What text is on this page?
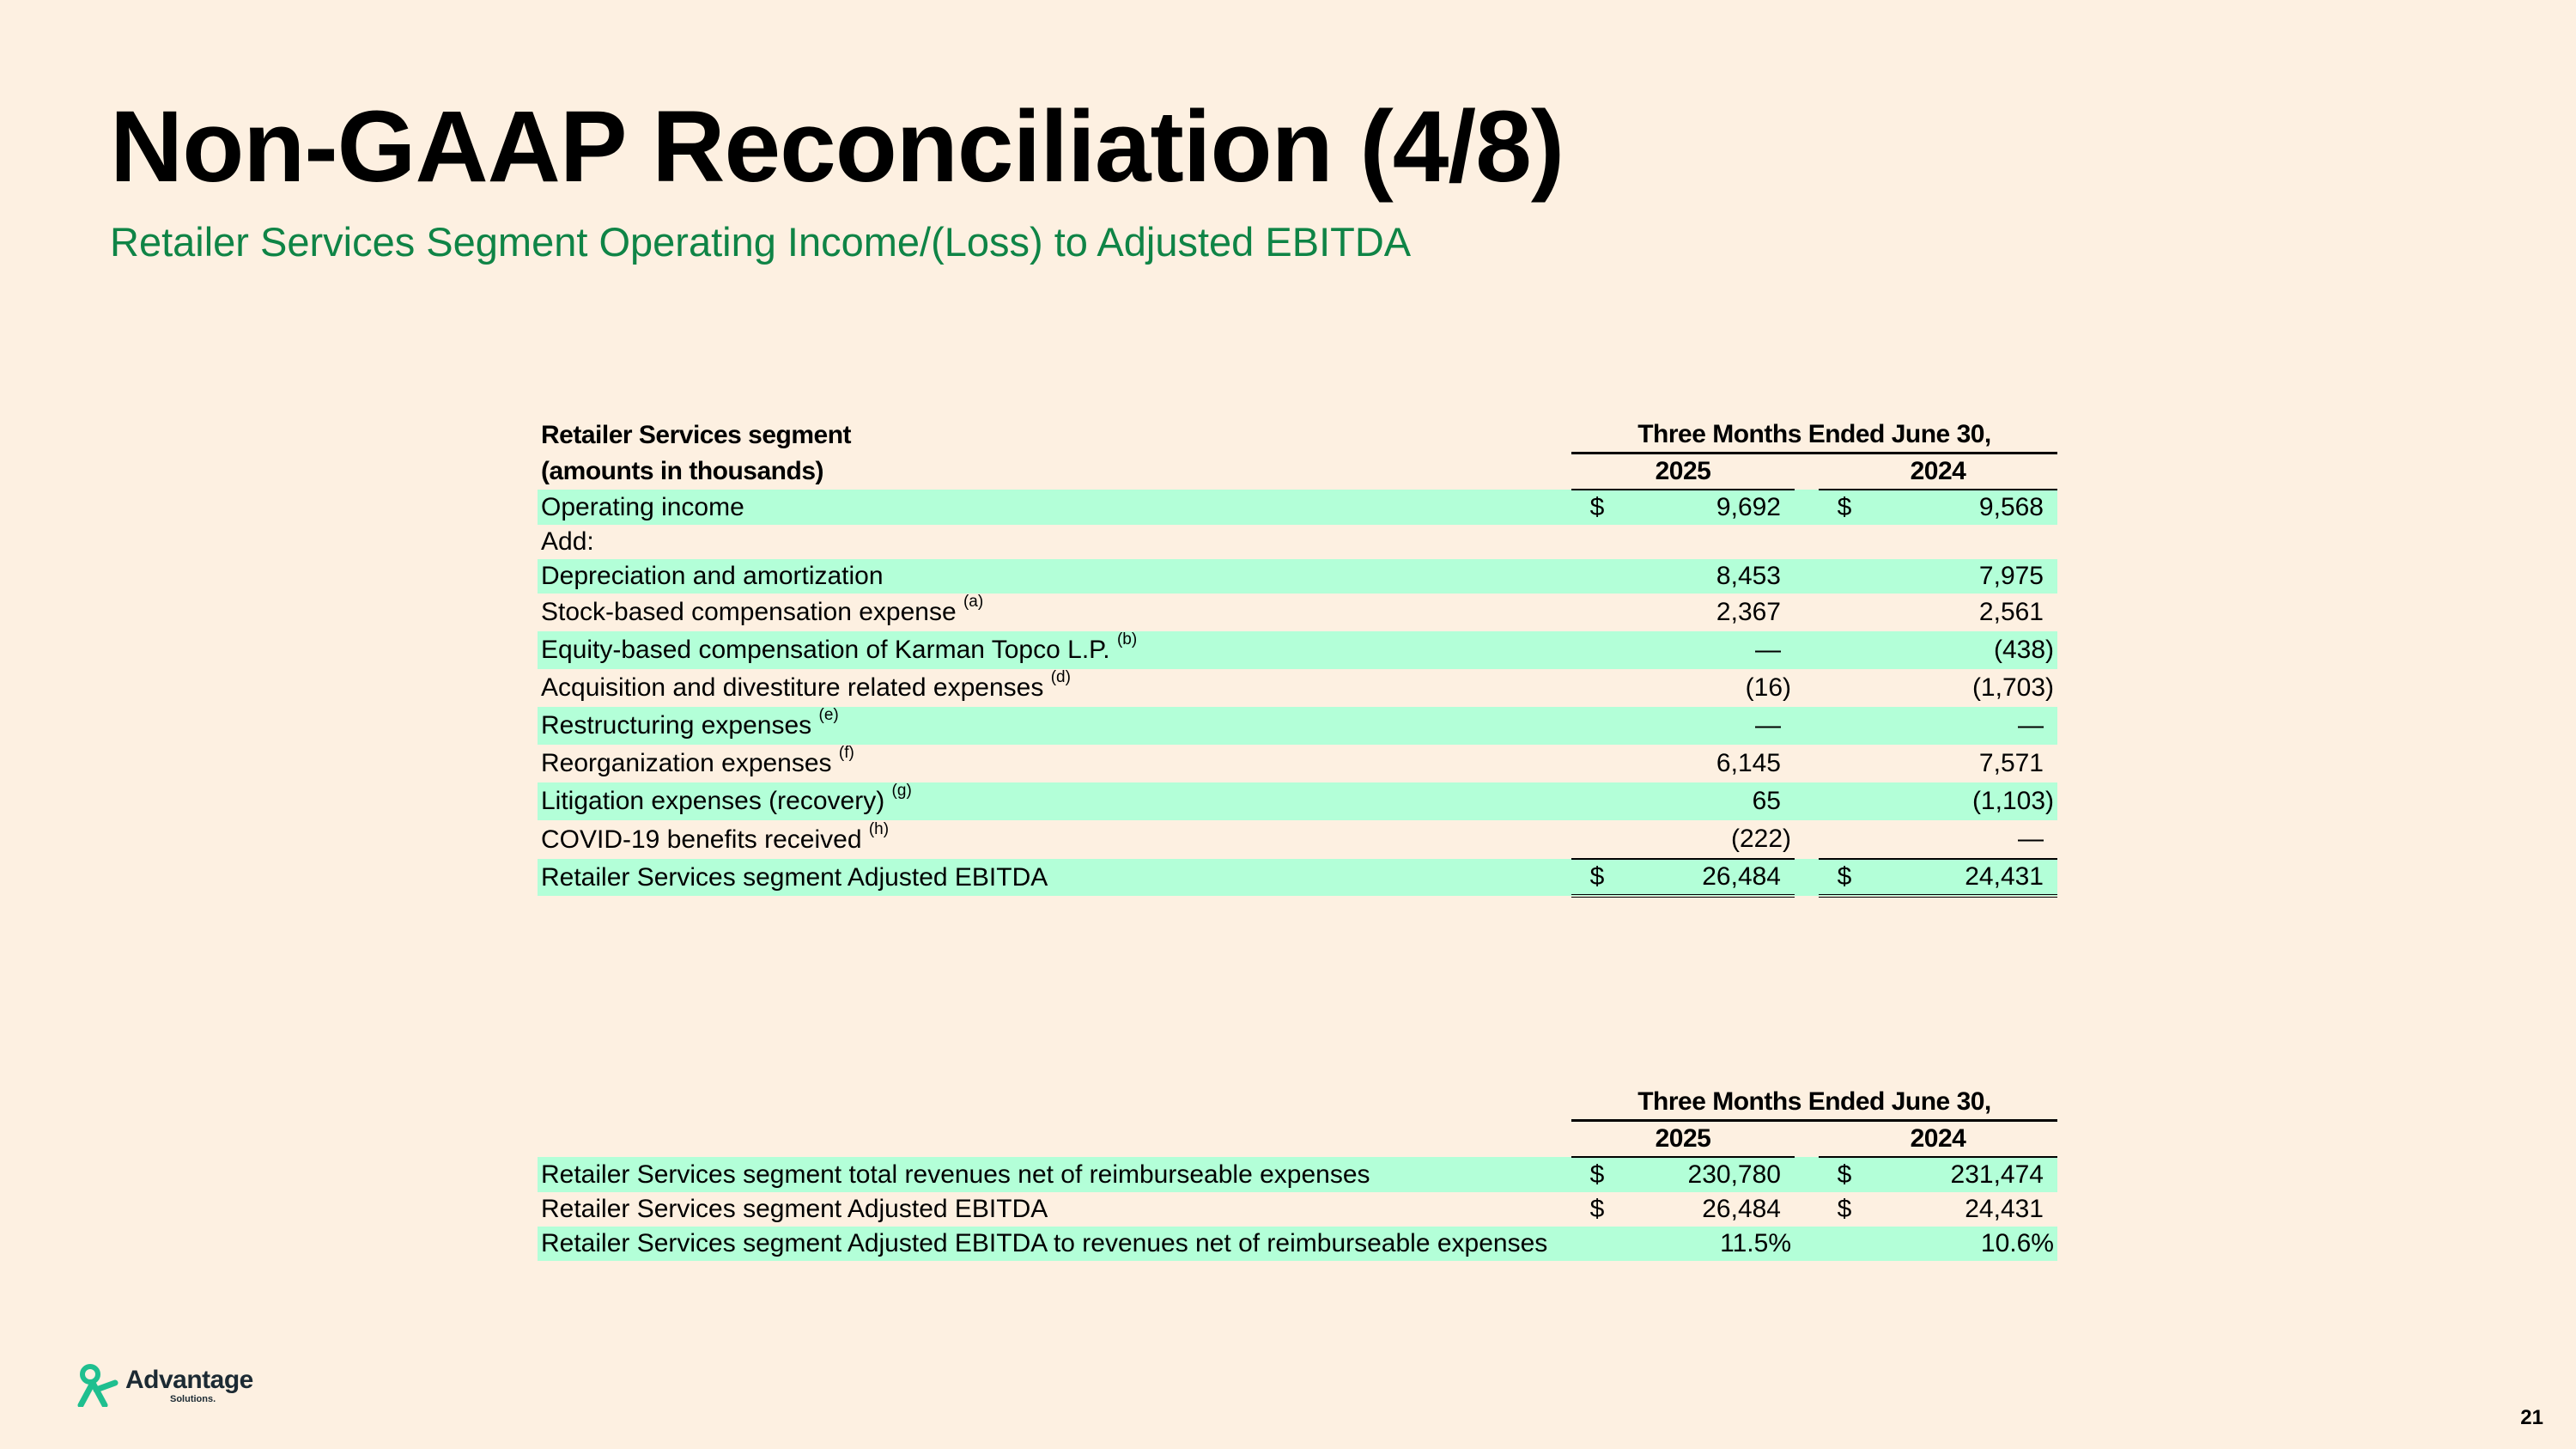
Non-GAAP Reconciliation (4/8)
Retailer Services Segment Operating Income/(Loss) to Adjusted EBITDA
Retailer Services segment	Three Months Ended June 30,				
(amounts in thousands)	2025			2024	
Operating income	$	9,692		$	9,568
Add:					
Depreciation and amortization		8,453			7,975
Stock-based compensation expense $^{(a)}$		2,367			2,561
Equity-based compensation of Karman Topco L.P. $^{(b)}$		—			(438)
Acquisition and divestiture related expenses $^{(d)}$		(16)			(1,703)
Restructuring expenses $^{(e)}$		—			—
Reorganization expenses $^{(f)}$		6,145			7,571
Litigation expenses (recovery) $^{(g)}$		65			(1,103)
COVID-19 benefits received $^{(h)}$		(222)			—
Retailer Services segment Adjusted EBITDA	$	26,484		$	24,431
	Three Months Ended June 30,				
	2025			2024	
Retailer Services segment total revenues net of reimburseable expenses	$	230,780		$	231,474
Retailer Services segment Adjusted EBITDA	$	26,484		$	24,431
Retailer Services segment Adjusted EBITDA to revenues net of reimburseable expenses		11.5%			10.6%
Advantage
Solutions.
21
